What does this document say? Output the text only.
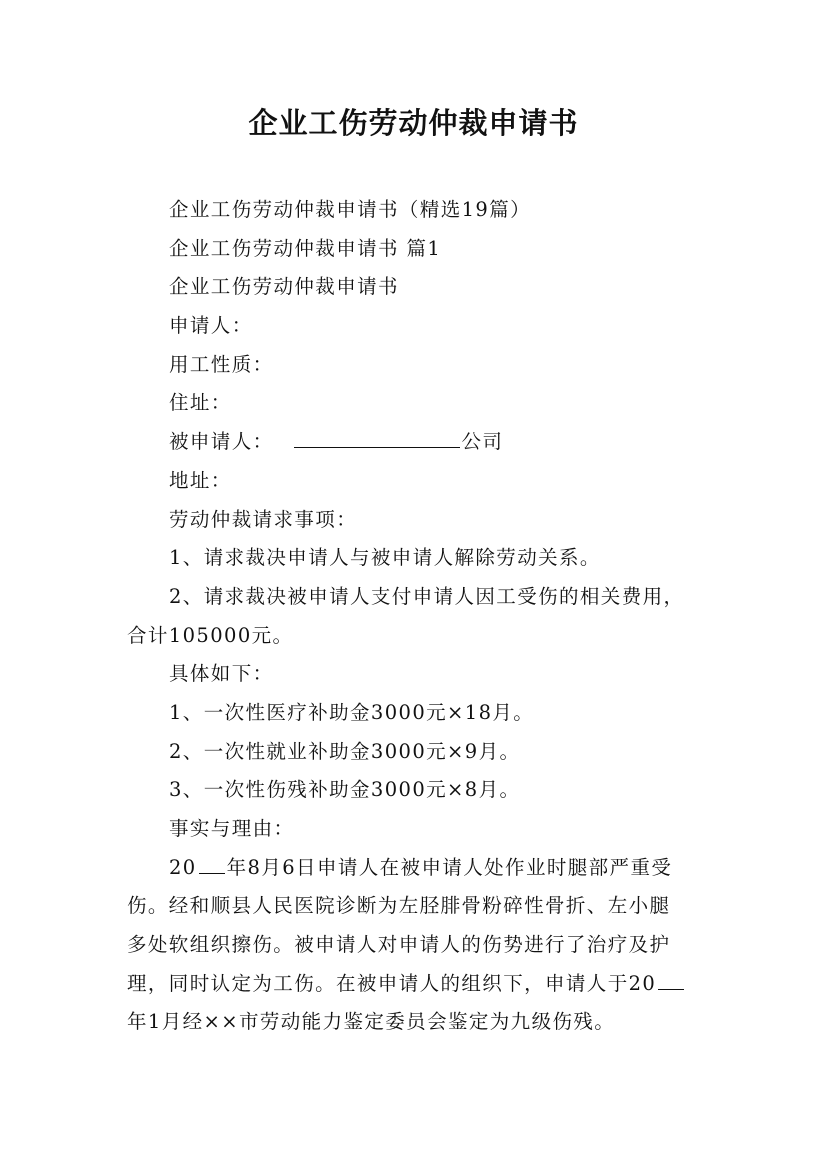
企业工伤劳动仲裁申请书
企业工伤劳动仲裁申请书（精选19篇）
企业工伤劳动仲裁申请书 篇1
企业工伤劳动仲裁申请书
申请人：
用工性质：
住址：
被申请人：	公司
地址：
劳动仲裁请求事项：
1、请求裁决申请人与被申请人解除劳动关系。
2、请求裁决被申请人支付申请人因工受伤的相关费用，
合计105000元。
具体如下：
1、一次性医疗补助金3000元×18月。
2、一次性就业补助金3000元×9月。
3、一次性伤残补助金3000元×8月。
事实与理由：
20 年8月6日申请人在被申请人处作业时腿部严重受
伤。经和顺县人民医院诊断为左胫腓骨粉碎性骨折、左小腿
多处软组织擦伤。被申请人对申请人的伤势进行了治疗及护
理，同时认定为工伤。在被申请人的组织下，申请人于20
年1月经××市劳动能力鉴定委员会鉴定为九级伤残。
